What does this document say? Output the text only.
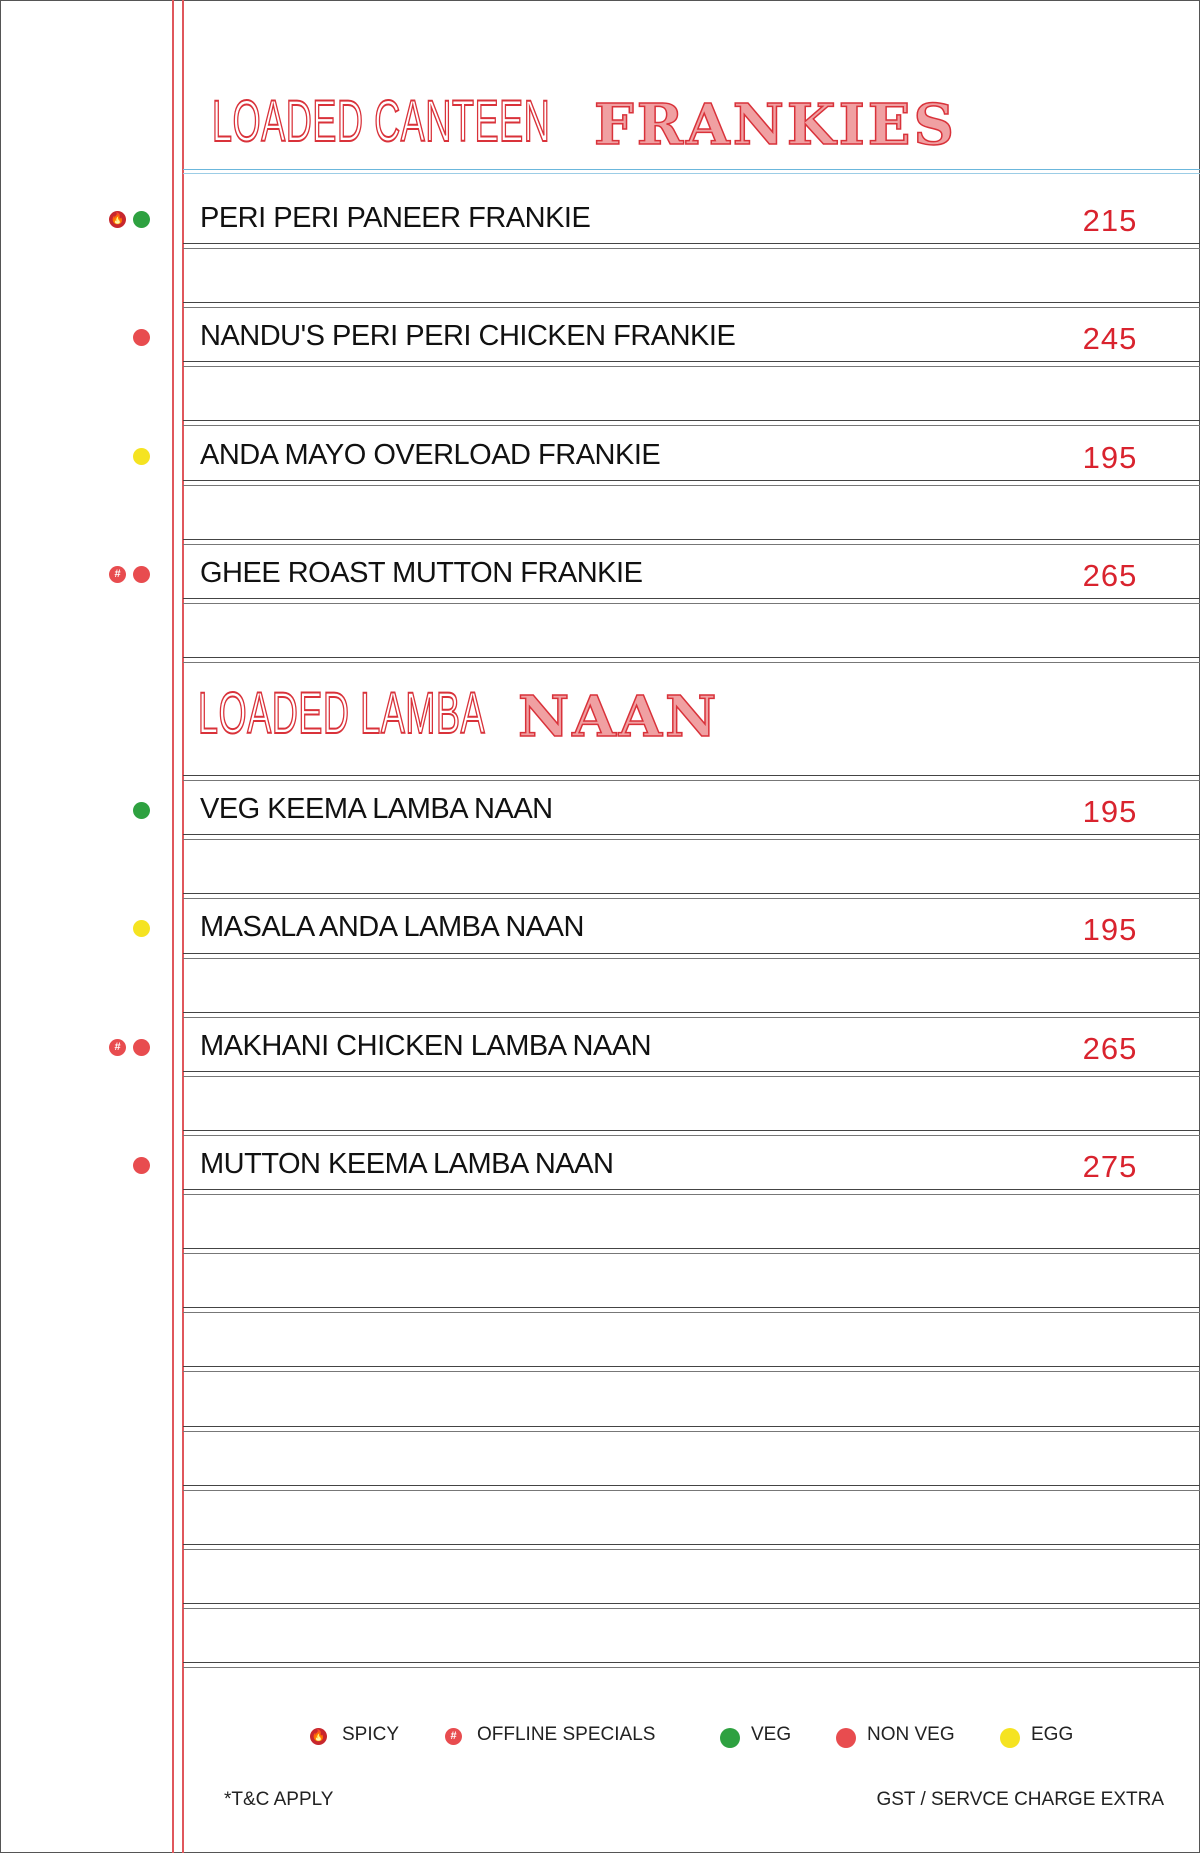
LOADED CANTEEN FRANKIES
LOADED LAMBA NAAN
PERI PERI PANEER FRANKIE	215
🔥
NANDU'S PERI PERI CHICKEN FRANKIE	245
ANDA MAYO OVERLOAD FRANKIE	195
GHEE ROAST MUTTON FRANKIE	265
#
VEG KEEMA LAMBA NAAN	195
MASALA ANDA LAMBA NAAN	195
MAKHANI CHICKEN LAMBA NAAN	265
#
MUTTON KEEMA LAMBA NAAN	275
🔥 SPICY	# OFFLINE SPECIALS	VEG	NON VEG	EGG
*T&C APPLY	GST / SERVCE CHARGE EXTRA
